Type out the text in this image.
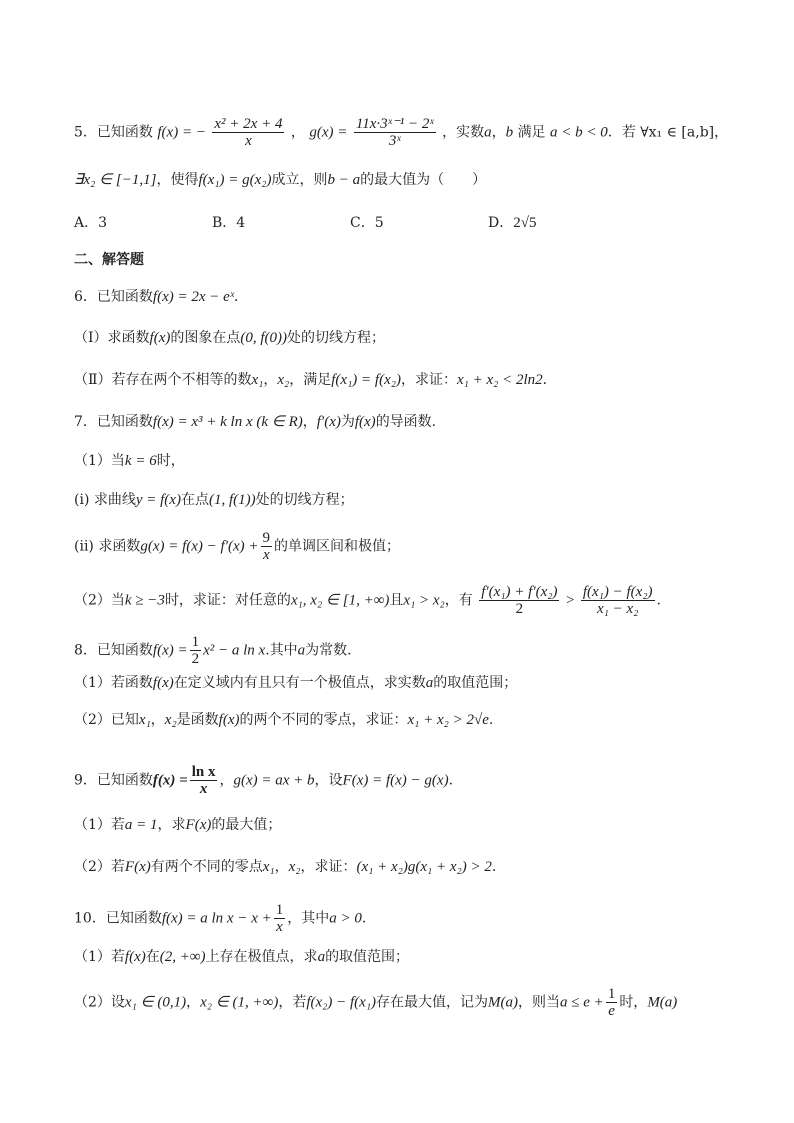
5．已知函数 f(x) = − $\frac{\text{x² + 2x + 4}}{x}$ ， $g(x) = \frac{\text{11x·3ˣ⁻¹ − 2ˣ}}{\text{3ˣ}}$ ，实数a，b 满足 a < b < 0．若 ∀x₁ ∈ [a,b]，
∃x₂ ∈ [−1,1]，使得f(x₁) = g(x₂)成立，则b − a的最大值为（　　）
A．3	B．4	C．5	D．2√5
二、解答题
6．已知函数f(x) = 2x − eˣ．
（Ⅰ）求函数f(x)的图象在点(0, f(0))处的切线方程；
（Ⅱ）若存在两个不相等的数x₁，x₂，满足f(x₁) = f(x₂)，求证：x₁ + x₂ < 2ln2．
7．已知函数f(x) = x³ + k ln x (k ∈ R)，f′(x)为f(x)的导函数.
（1）当k = 6时，
(i) 求曲线y = f(x)在点(1, f(1))处的切线方程；
(ii) 求函数$g(x) = f(x) - f'(x) + \frac{9}{x}$ 的单调区间和极值；
（2）当k ≥ −3时，求证：对任意的x₁, x₂ ∈ [1, +∞)且x₁ > x₂，有 $\frac{\text{f′(x₁) + f′(x₂)}}{2} > \frac{\text{f(x₁) − f(x₂)}}{\text{x₁ − x₂}}$ .
8．已知函数$f(x) = \frac{1}{2} x^2 - a$ ln x.其中a为常数.
（1）若函数f(x)在定义域内有且只有一个极值点，求实数a的取值范围；
（2）已知x₁，x₂是函数f(x)的两个不同的零点，求证：x₁ + x₂ > 2√e.
9．已知函数$f(x) = \frac{\text{ln x}}{x}$ ，g(x) = ax + b，设F(x) = f(x) − g(x)．
（1）若a = 1，求F(x)的最大值；
（2）若F(x)有两个不同的零点x₁，x₂，求证：(x₁ + x₂)g(x₁ + x₂) > 2.
10．已知函数f(x) = a $\ln x - x + \frac{1}{x}$ ，其中a > 0.
（1）若f(x)在(2, +∞)上存在极值点，求a的取值范围；
（2）设x₁ ∈ (0,1)，x₂ ∈ (1, +∞)，若f(x₂) − f(x₁)存在最大值，记为M(a)，则当$a \le e + \frac{1}{e}$ 时，M(a)
